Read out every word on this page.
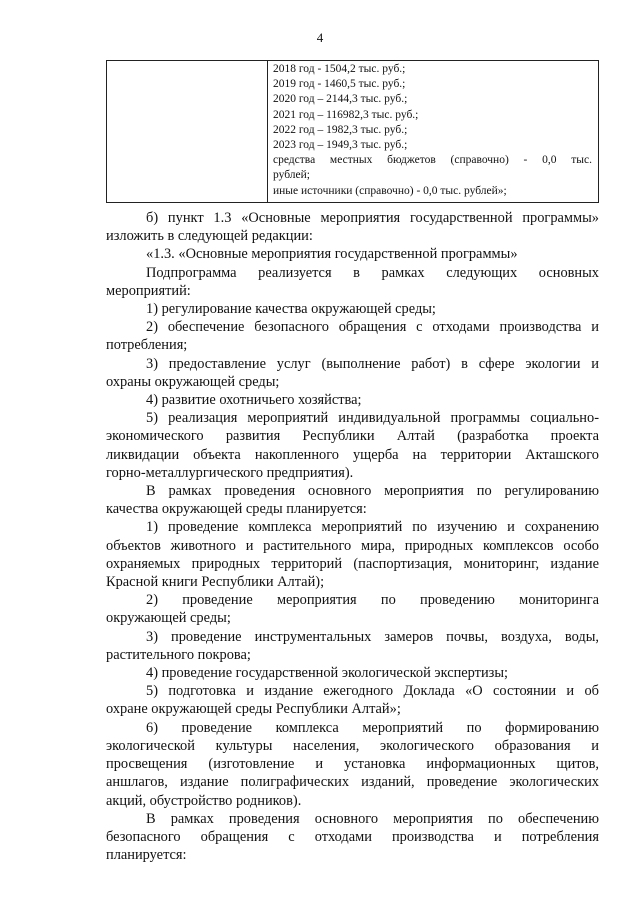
4

2018 год - 1504,2 тыс. руб.;
2019 год - 1460,5 тыс. руб.;
2020 год – 2144,3 тыс. руб.;
2021 год – 116982,3 тыс. руб.;
2022 год – 1982,3 тыс. руб.;
2023 год – 1949,3 тыс. руб.;
средства местных бюджетов (справочно) - 0,0 тыс.
рублей;
иные источники (справочно) - 0,0 тыс. рублей»;
б) пункт 1.3 «Основные мероприятия государственной программы»
изложить в следующей редакции:
«1.3. «Основные мероприятия государственной программы»
Подпрограмма реализуется в рамках следующих основных
мероприятий:
1) регулирование качества окружающей среды;
2) обеспечение безопасного обращения с отходами производства и
потребления;
3) предоставление услуг (выполнение работ) в сфере экологии и
охраны окружающей среды;
4) развитие охотничьего хозяйства;
5) реализация мероприятий индивидуальной программы социально-
экономического развития Республики Алтай (разработка проекта
ликвидации объекта накопленного ущерба на территории Акташского
горно-металлургического предприятия).
В рамках проведения основного мероприятия по регулированию
качества окружающей среды планируется:
1) проведение комплекса мероприятий по изучению и сохранению
объектов животного и растительного мира, природных комплексов особо
охраняемых природных территорий (паспортизация, мониторинг, издание
Красной книги Республики Алтай);
2) проведение мероприятия по проведению мониторинга
окружающей среды;
3) проведение инструментальных замеров почвы, воздуха, воды,
растительного покрова;
4) проведение государственной экологической экспертизы;
5) подготовка и издание ежегодного Доклада «О состоянии и об
охране окружающей среды Республики Алтай»;
6) проведение комплекса мероприятий по формированию
экологической культуры населения, экологического образования и
просвещения (изготовление и установка информационных щитов,
аншлагов, издание полиграфических изданий, проведение экологических
акций, обустройство родников).
В рамках проведения основного мероприятия по обеспечению
безопасного обращения с отходами производства и потребления
планируется:
